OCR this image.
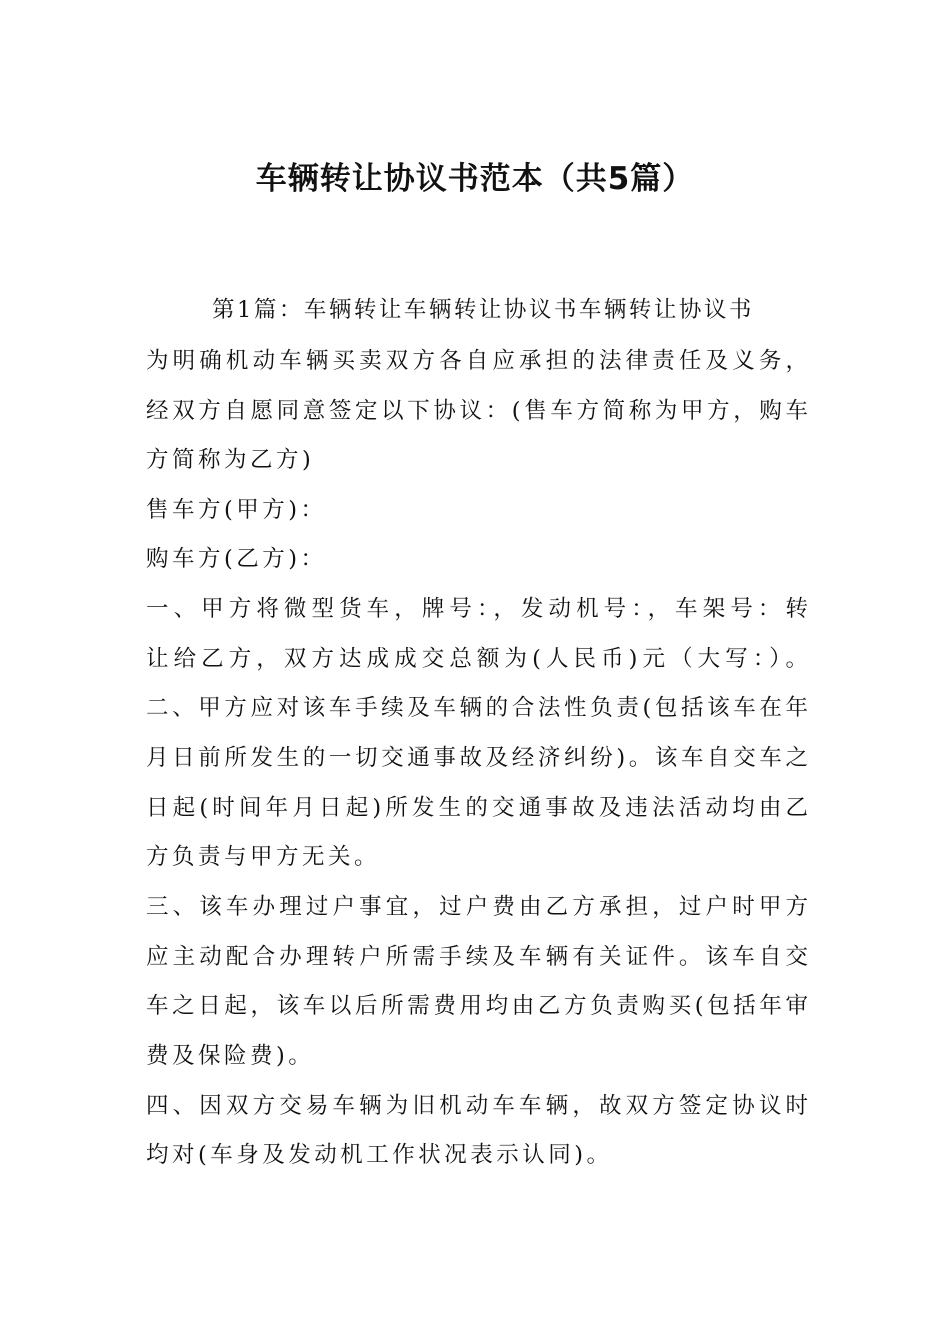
车辆转让协议书范本（共5篇）
第1篇：车辆转让车辆转让协议书车辆转让协议书
为明确机动车辆买卖双方各自应承担的法律责任及义务，
经双方自愿同意签定以下协议：(售车方简称为甲方，购车
方简称为乙方)
售车方(甲方)：
购车方(乙方)：
一、甲方将微型货车，牌号：，发动机号：，车架号：转
让给乙方，双方达成成交总额为(人民币)元（大写：）。
二、甲方应对该车手续及车辆的合法性负责(包括该车在年
月日前所发生的一切交通事故及经济纠纷)。该车自交车之
日起(时间年月日起)所发生的交通事故及违法活动均由乙
方负责与甲方无关。
三、该车办理过户事宜，过户费由乙方承担，过户时甲方
应主动配合办理转户所需手续及车辆有关证件。该车自交
车之日起，该车以后所需费用均由乙方负责购买(包括年审
费及保险费)。
四、因双方交易车辆为旧机动车车辆，故双方签定协议时
均对(车身及发动机工作状况表示认同)。
